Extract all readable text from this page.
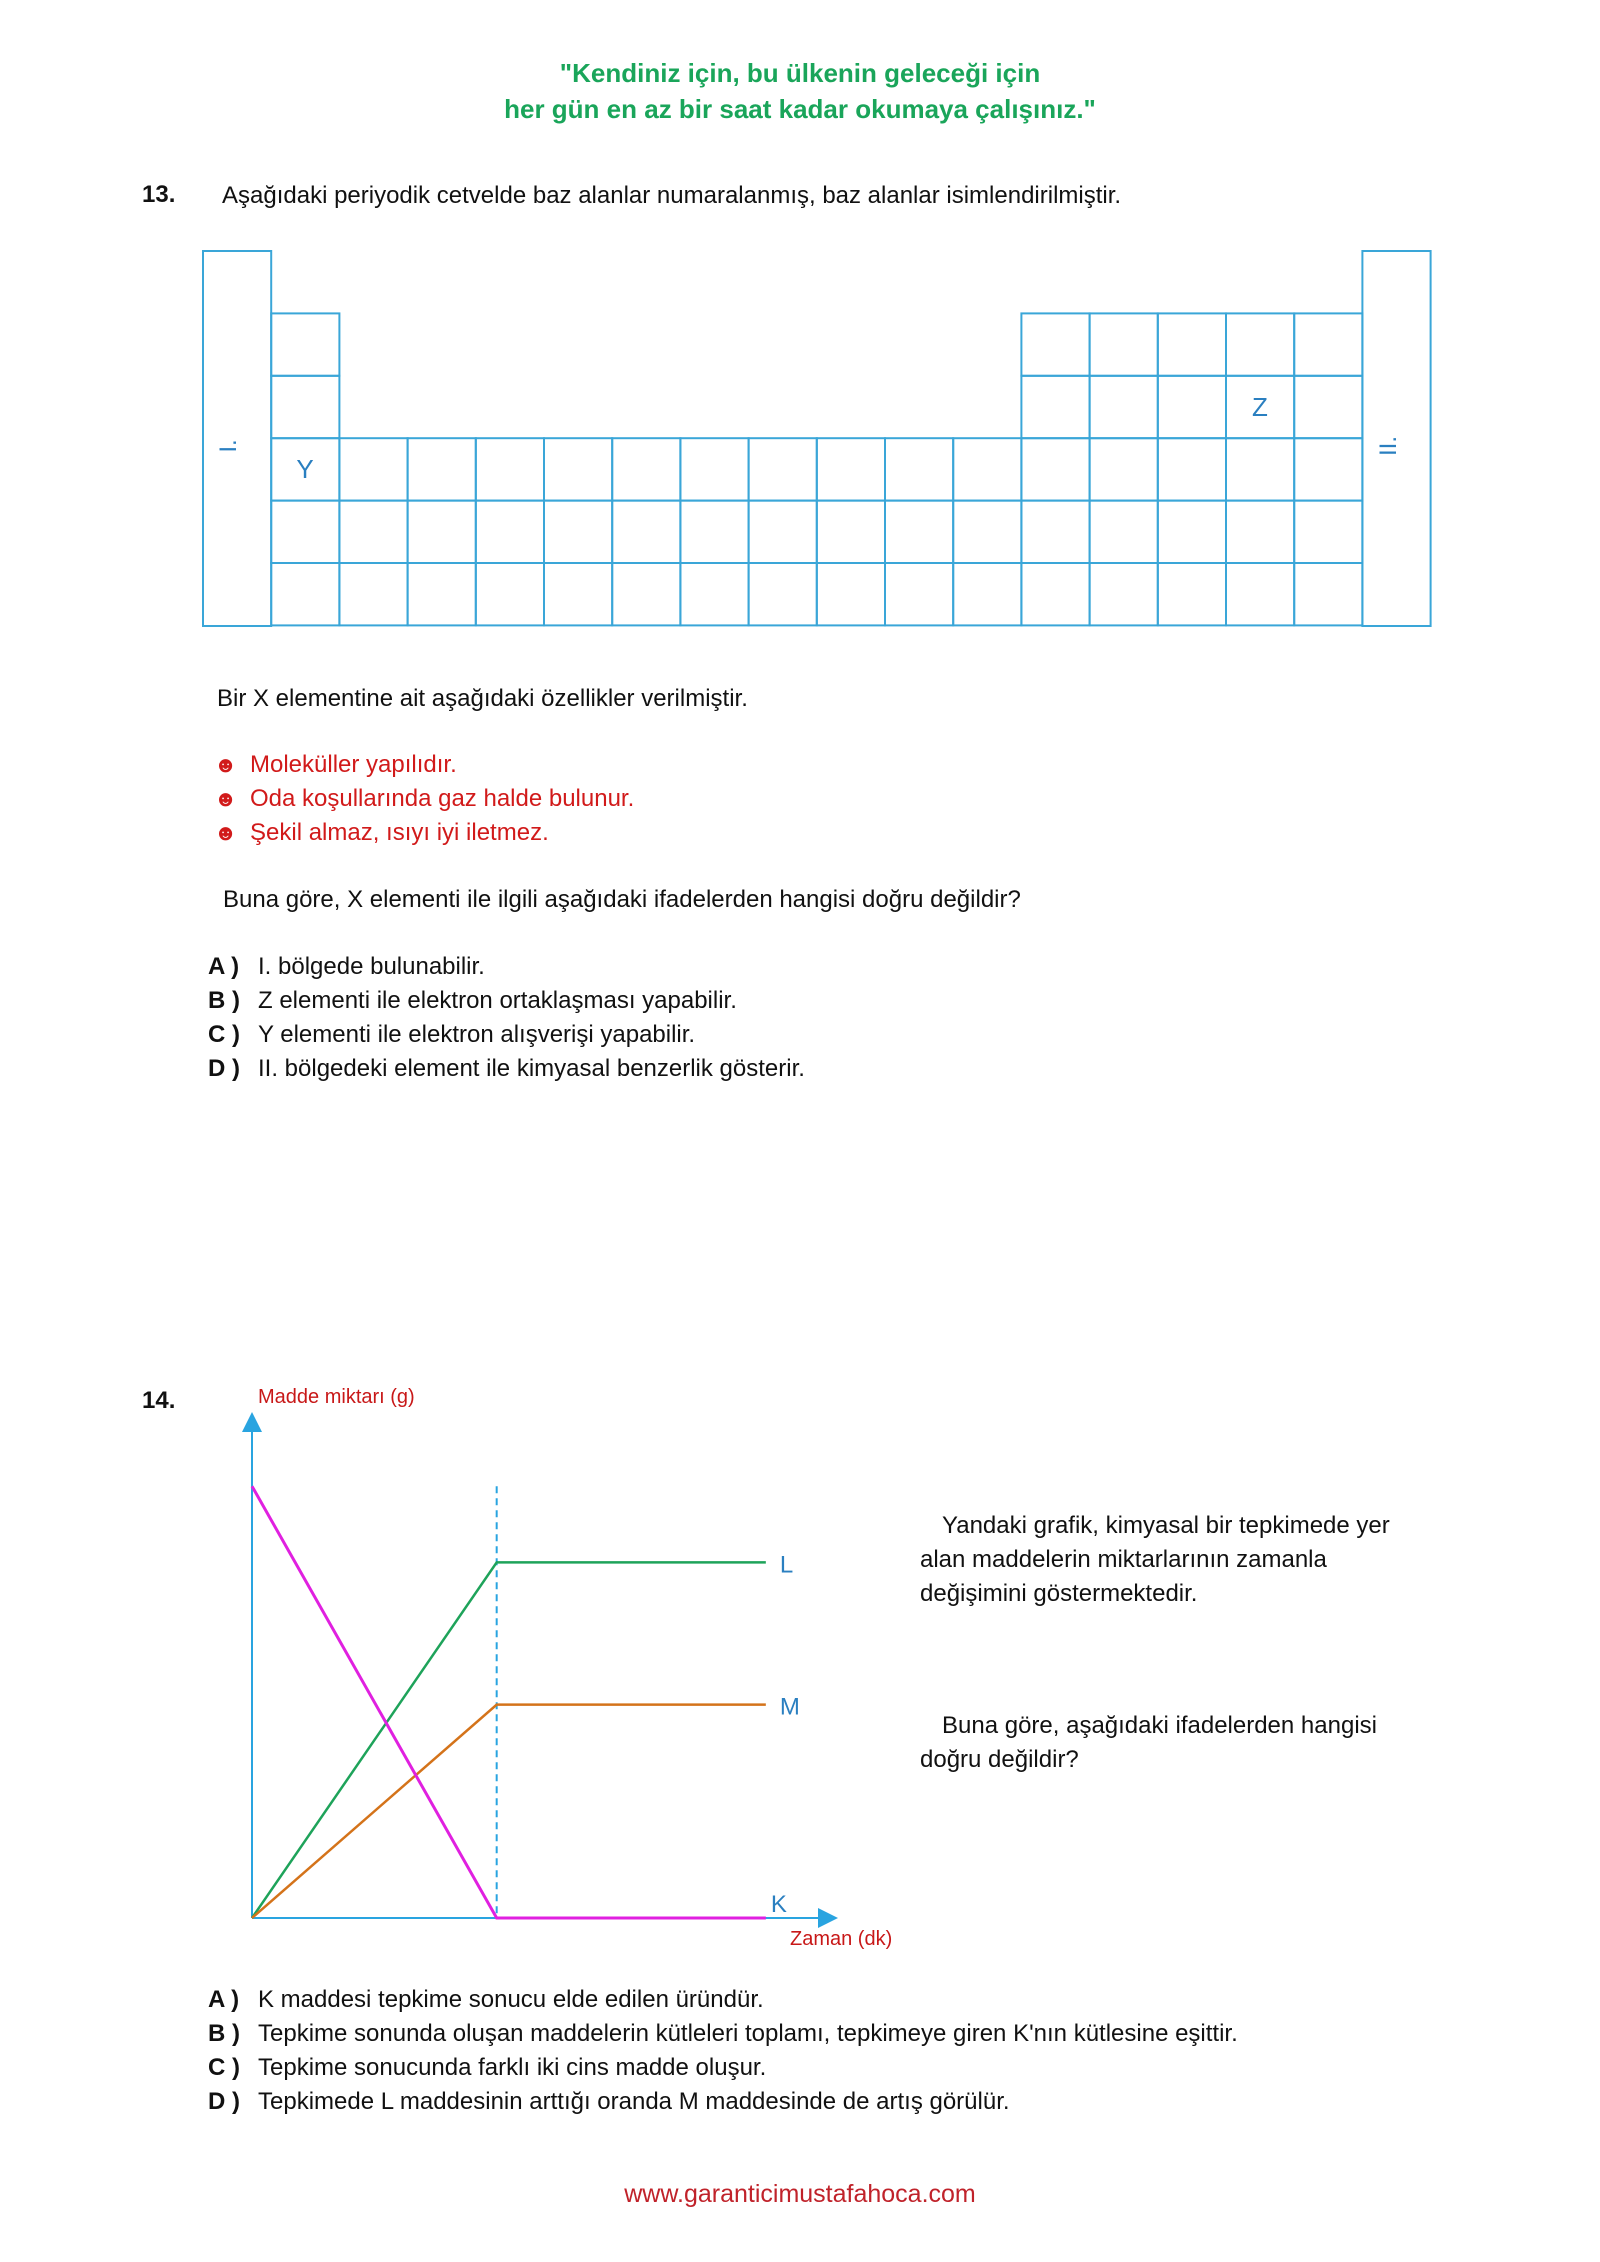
"Kendiniz için, bu ülkenin geleceği için
her gün en az bir saat kadar okumaya çalışınız."
13. Aşağıdaki periyodik cetvelde baz alanlar numaralanmış, baz alanlar isimlendirilmiştir.
I.	II.
Y
Z
Bir X elementine ait aşağıdaki özellikler verilmiştir.
☻ Moleküller yapılıdır.
☻ Oda koşullarında gaz halde bulunur.
☻ Şekil almaz, ısıyı iyi iletmez.
Buna göre, X elementi ile ilgili aşağıdaki ifadelerden hangisi doğru değildir?
A ) I. bölgede bulunabilir.
B ) Z elementi ile elektron ortaklaşması yapabilir.
C ) Y elementi ile elektron alışverişi yapabilir.
D ) II. bölgedeki element ile kimyasal benzerlik gösterir.
14.	Madde miktarı (g)
Zaman (dk)
L
M
K
Yandaki grafik, kimyasal bir tepkimede yer alan maddelerin miktarlarının zamanla değişimini göstermektedir.
Buna göre, aşağıdaki ifadelerden hangisi doğru değildir?
A ) K maddesi tepkime sonucu elde edilen üründür.
B ) Tepkime sonunda oluşan maddelerin kütleleri toplamı, tepkimeye giren K'nın kütlesine eşittir.
C ) Tepkime sonucunda farklı iki cins madde oluşur.
D ) Tepkimede L maddesinin arttığı oranda M maddesinde de artış görülür.
www.garanticimustafahoca.com
